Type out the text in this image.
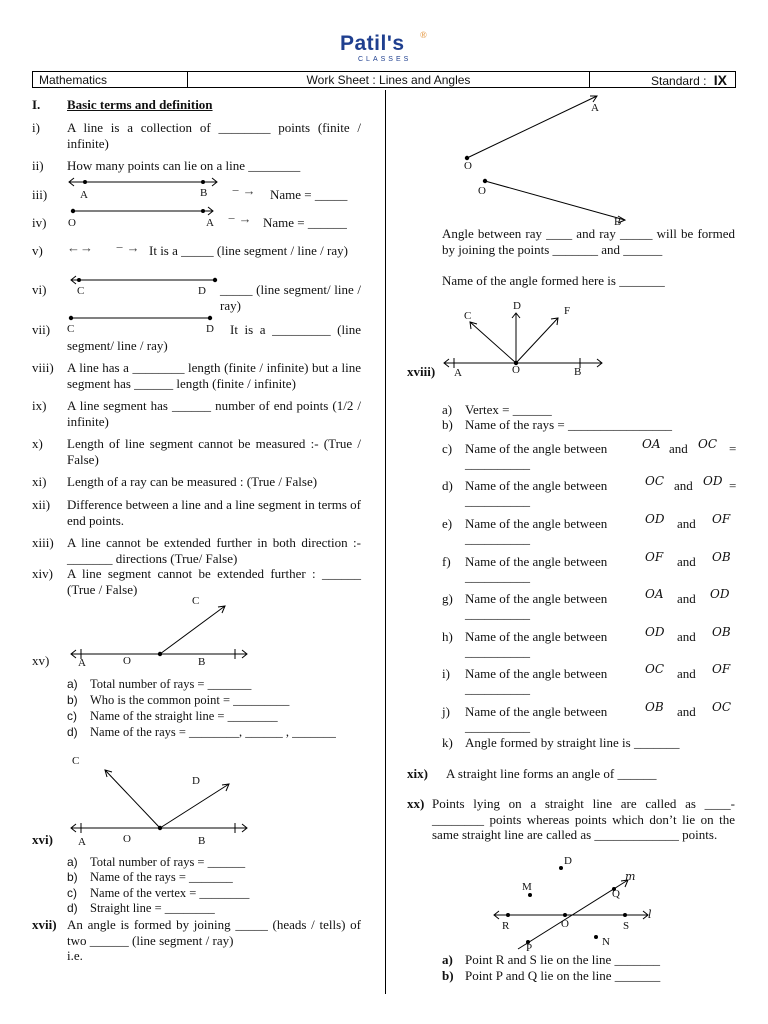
Patil's ®
CLASSES
Mathematics	Work Sheet : Lines and Angles	Standard : IX
I. Basic terms and definition
i) A line is a collection of ________ points (finite / infinite)
ii) How many points can lie on a line ________
iii)	A	B − → Name = _____
iv) O	A − → Name = ______
v) ←→ − → It is a _____ (line segment / line / ray)
vi)	C	D _____ (line segment/ line / ray)
vii) C	D	It is a _________ (line segment/ line / ray)
viii) A line has a ________ length (finite / infinite) but a line segment has ______ length (finite / infinite)
ix) A line segment has ______ number of end points (1/2 / infinite)
x) Length of line segment cannot be measured :- (True / False)
xi) Length of a ray can be measured : (True / False)
xii) Difference between a line and a line segment in terms of end points.
xiii) A line cannot be extended further in both direction :-_______ directions (True/ False)
xiv) A line segment cannot be extended further : ______ (True / False)
xv)	A	O	B
C
a) Total number of rays = _______
b) Who is the common point = _________
c) Name of the straight line = ________
d) Name of the rays = ________, ______ , _______
xvi) A	O	B
C
D
a) Total number of rays = ______
b) Name of the rays = _______
c) Name of the vertex = ________
d) Straight line = ________
xvii) An angle is formed by joining _____ (heads / tells) of two ______ (line segment / ray)
i.e.
A
O
O
B
Angle between ray ____ and ray _____ will be formed by joining the points _______ and ______
Name of the angle formed here is _______
xviii) A	O	B
C
D	F
a) Vertex = ______
b) Name of the rays = ________________
c) Name of the angle between	OA and OC =
__________
d) Name of the angle between	OC and OD =
__________
e) Name of the angle between	OD and OF
__________
f) Name of the angle between	OF and OB
__________
g) Name of the angle between	OA and OD
__________
h) Name of the angle between	OD and OB
__________
i) Name of the angle between	OC and OF
__________
j) Name of the angle between	OB and OC
__________
k) Angle formed by straight line is _______
xix) A straight line forms an angle of ______
xx) Points lying on a straight line are called as ____-________ points whereas points which don’t lie on the same straight line are called as _____________ points.
D
m
M
Q
l
R	O	S
P	N
a) Point R and S lie on the line _______
b) Point P and Q lie on the line _______
